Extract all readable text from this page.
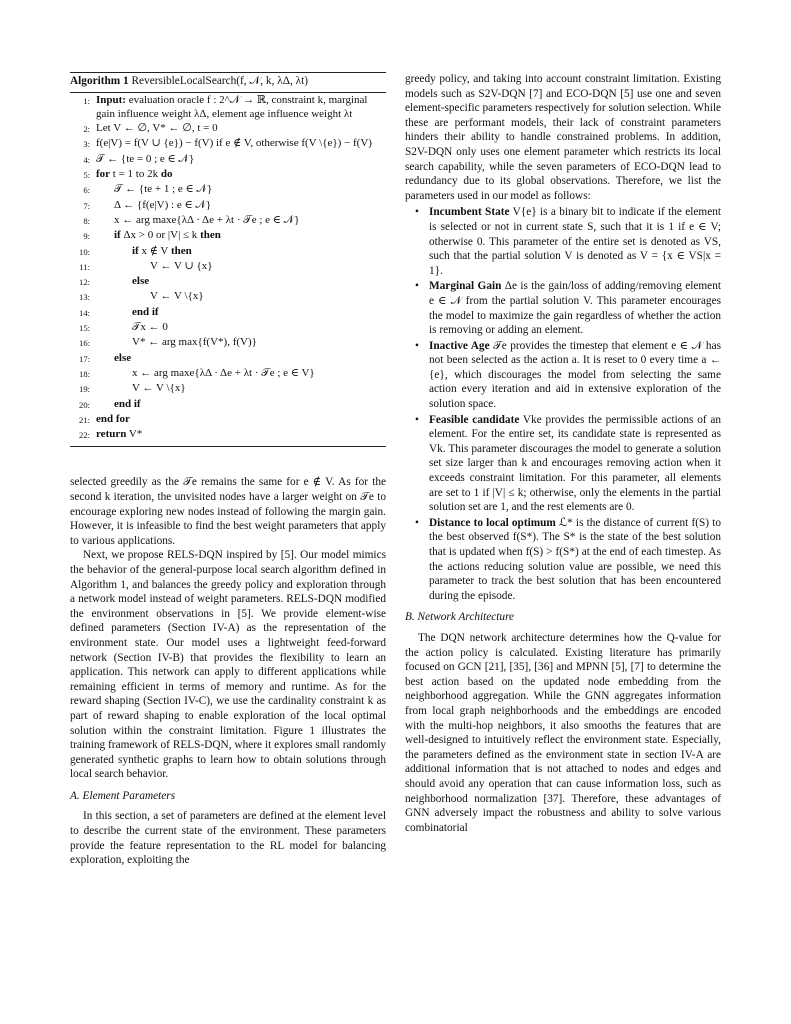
Algorithm 1 ReversibleLocalSearch(f, 𝒩, k, λΔ, λt)
1: Input: evaluation oracle f : 2^𝒩 → ℝ, constraint k, marginal gain influence weight λΔ, element age influence weight λt
2: Let V ← ∅, V* ← ∅, t = 0
3: f(e|V) = f(V ∪ {e}) − f(V) if e ∉ V, otherwise f(V \{e}) − f(V)
4: 𝒯 ← {te = 0 ; e ∈ 𝒩}
5: for t = 1 to 2k do
6:	𝒯 ← {te + 1 ; e ∈ 𝒩}
7:	Δ ← {f(e|V) : e ∈ 𝒩}
8:	x ← arg maxe{λΔ · Δe + λt · 𝒯e ; e ∈ 𝒩}
9:	if Δx > 0 or |V| ≤ k then
10:	if x ∉ V then
11:	V ← V ∪ {x}
12:	else
13:	V ← V \{x}
14:	end if
15:	𝒯x ← 0
16:	V* ← arg max{f(V*), f(V)}
17:	else
18:	x ← arg maxe{λΔ · Δe + λt · 𝒯e ; e ∈ V}
19:	V ← V \{x}
20:	end if
21: end for
22: return V*

selected greedily as the 𝒯e remains the same for e ∉ V. As for the second k iteration, the unvisited nodes have a larger weight on 𝒯e to encourage exploring new nodes instead of following the margin gain. However, it is infeasible to find the best weight parameters that apply to various applications.

Next, we propose RELS-DQN inspired by [5]. Our model mimics the behavior of the general-purpose local search algorithm defined in Algorithm 1, and balances the greedy policy and exploration through a network model instead of weight parameters. RELS-DQN modified the environment observations in [5]. We provide element-wise defined parameters (Section IV-A) as the representation of the environment state. Our model uses a lightweight feed-forward network (Section IV-B) that provides the flexibility to learn an application. This network can apply to different applications while remaining efficient in terms of memory and runtime. As for the reward shaping (Section IV-C), we use the cardinality constraint k as part of reward shaping to enable exploration of the local optimal solution within the constraint limitation. Figure 1 illustrates the training framework of RELS-DQN, where it explores small randomly generated synthetic graphs to learn how to obtain solutions through local search behavior.

A. Element Parameters

In this section, a set of parameters are defined at the element level to describe the current state of the environment. These parameters provide the feature representation to the RL model for balancing exploration, exploiting the

greedy policy, and taking into account constraint limitation. Existing models such as S2V-DQN [7] and ECO-DQN [5] use one and seven element-specific parameters respectively for solution selection. While these are performant models, their lack of constraint parameters hinders their ability to handle constrained problems. In addition, S2V-DQN only uses one element parameter which restricts its local search capability, while the seven parameters of ECO-DQN lead to redundancy due to its global observations. Therefore, we list the parameters used in our model as follows:

• Incumbent State V{e} is a binary bit to indicate if the element is selected or not in current state S, such that it is 1 if e ∈ V; otherwise 0. This parameter of the entire set is denoted as VS, such that the partial solution V is denoted as V = {x ∈ VS|x = 1}.
• Marginal Gain Δe is the gain/loss of adding/removing element e ∈ 𝒩 from the partial solution V. This parameter encourages the model to maximize the gain regardless of whether the action is removing or adding an element.
• Inactive Age 𝒯e provides the timestep that element e ∈ 𝒩 has not been selected as the action a. It is reset to 0 every time a ← {e}, which discourages the model from selecting the same action every iteration and aid in extensive exploration of the solution space.
• Feasible candidate Vke provides the permissible actions of an element. For the entire set, its candidate state is represented as Vk. This parameter discourages the model to generate a solution set size larger than k and encourages removing action when it exceeds constraint limitation. For this parameter, all elements are set to 1 if |V| ≤ k; otherwise, only the elements in the partial solution set are 1, and the rest elements are 0.
• Distance to local optimum ℒ* is the distance of current f(S) to the best observed f(S*). The S* is the state of the best solution that is updated when f(S) > f(S*) at the end of each timestep. As the actions reducing solution value are possible, we need this parameter to track the best solution that has been encountered during the episode.
B. Network Architecture

The DQN network architecture determines how the Q-value for the action policy is calculated. Existing literature has primarily focused on GCN [21], [35], [36] and MPNN [5], [7] to determine the best action based on the updated node embedding from the neighborhood aggregation. While the GNN aggregates information from local graph neighborhoods and the embeddings are encoded with the multi-hop neighbors, it also smooths the features that are well-designed to intuitively reflect the environment state. Especially, the parameters defined as the environment state in section IV-A are additional information that is not attached to nodes and edges and should avoid any operation that can cause information loss, such as neighborhood normalization [37]. Therefore, these advantages of GNN adversely impact the robustness and ability to solve various combinatorial
